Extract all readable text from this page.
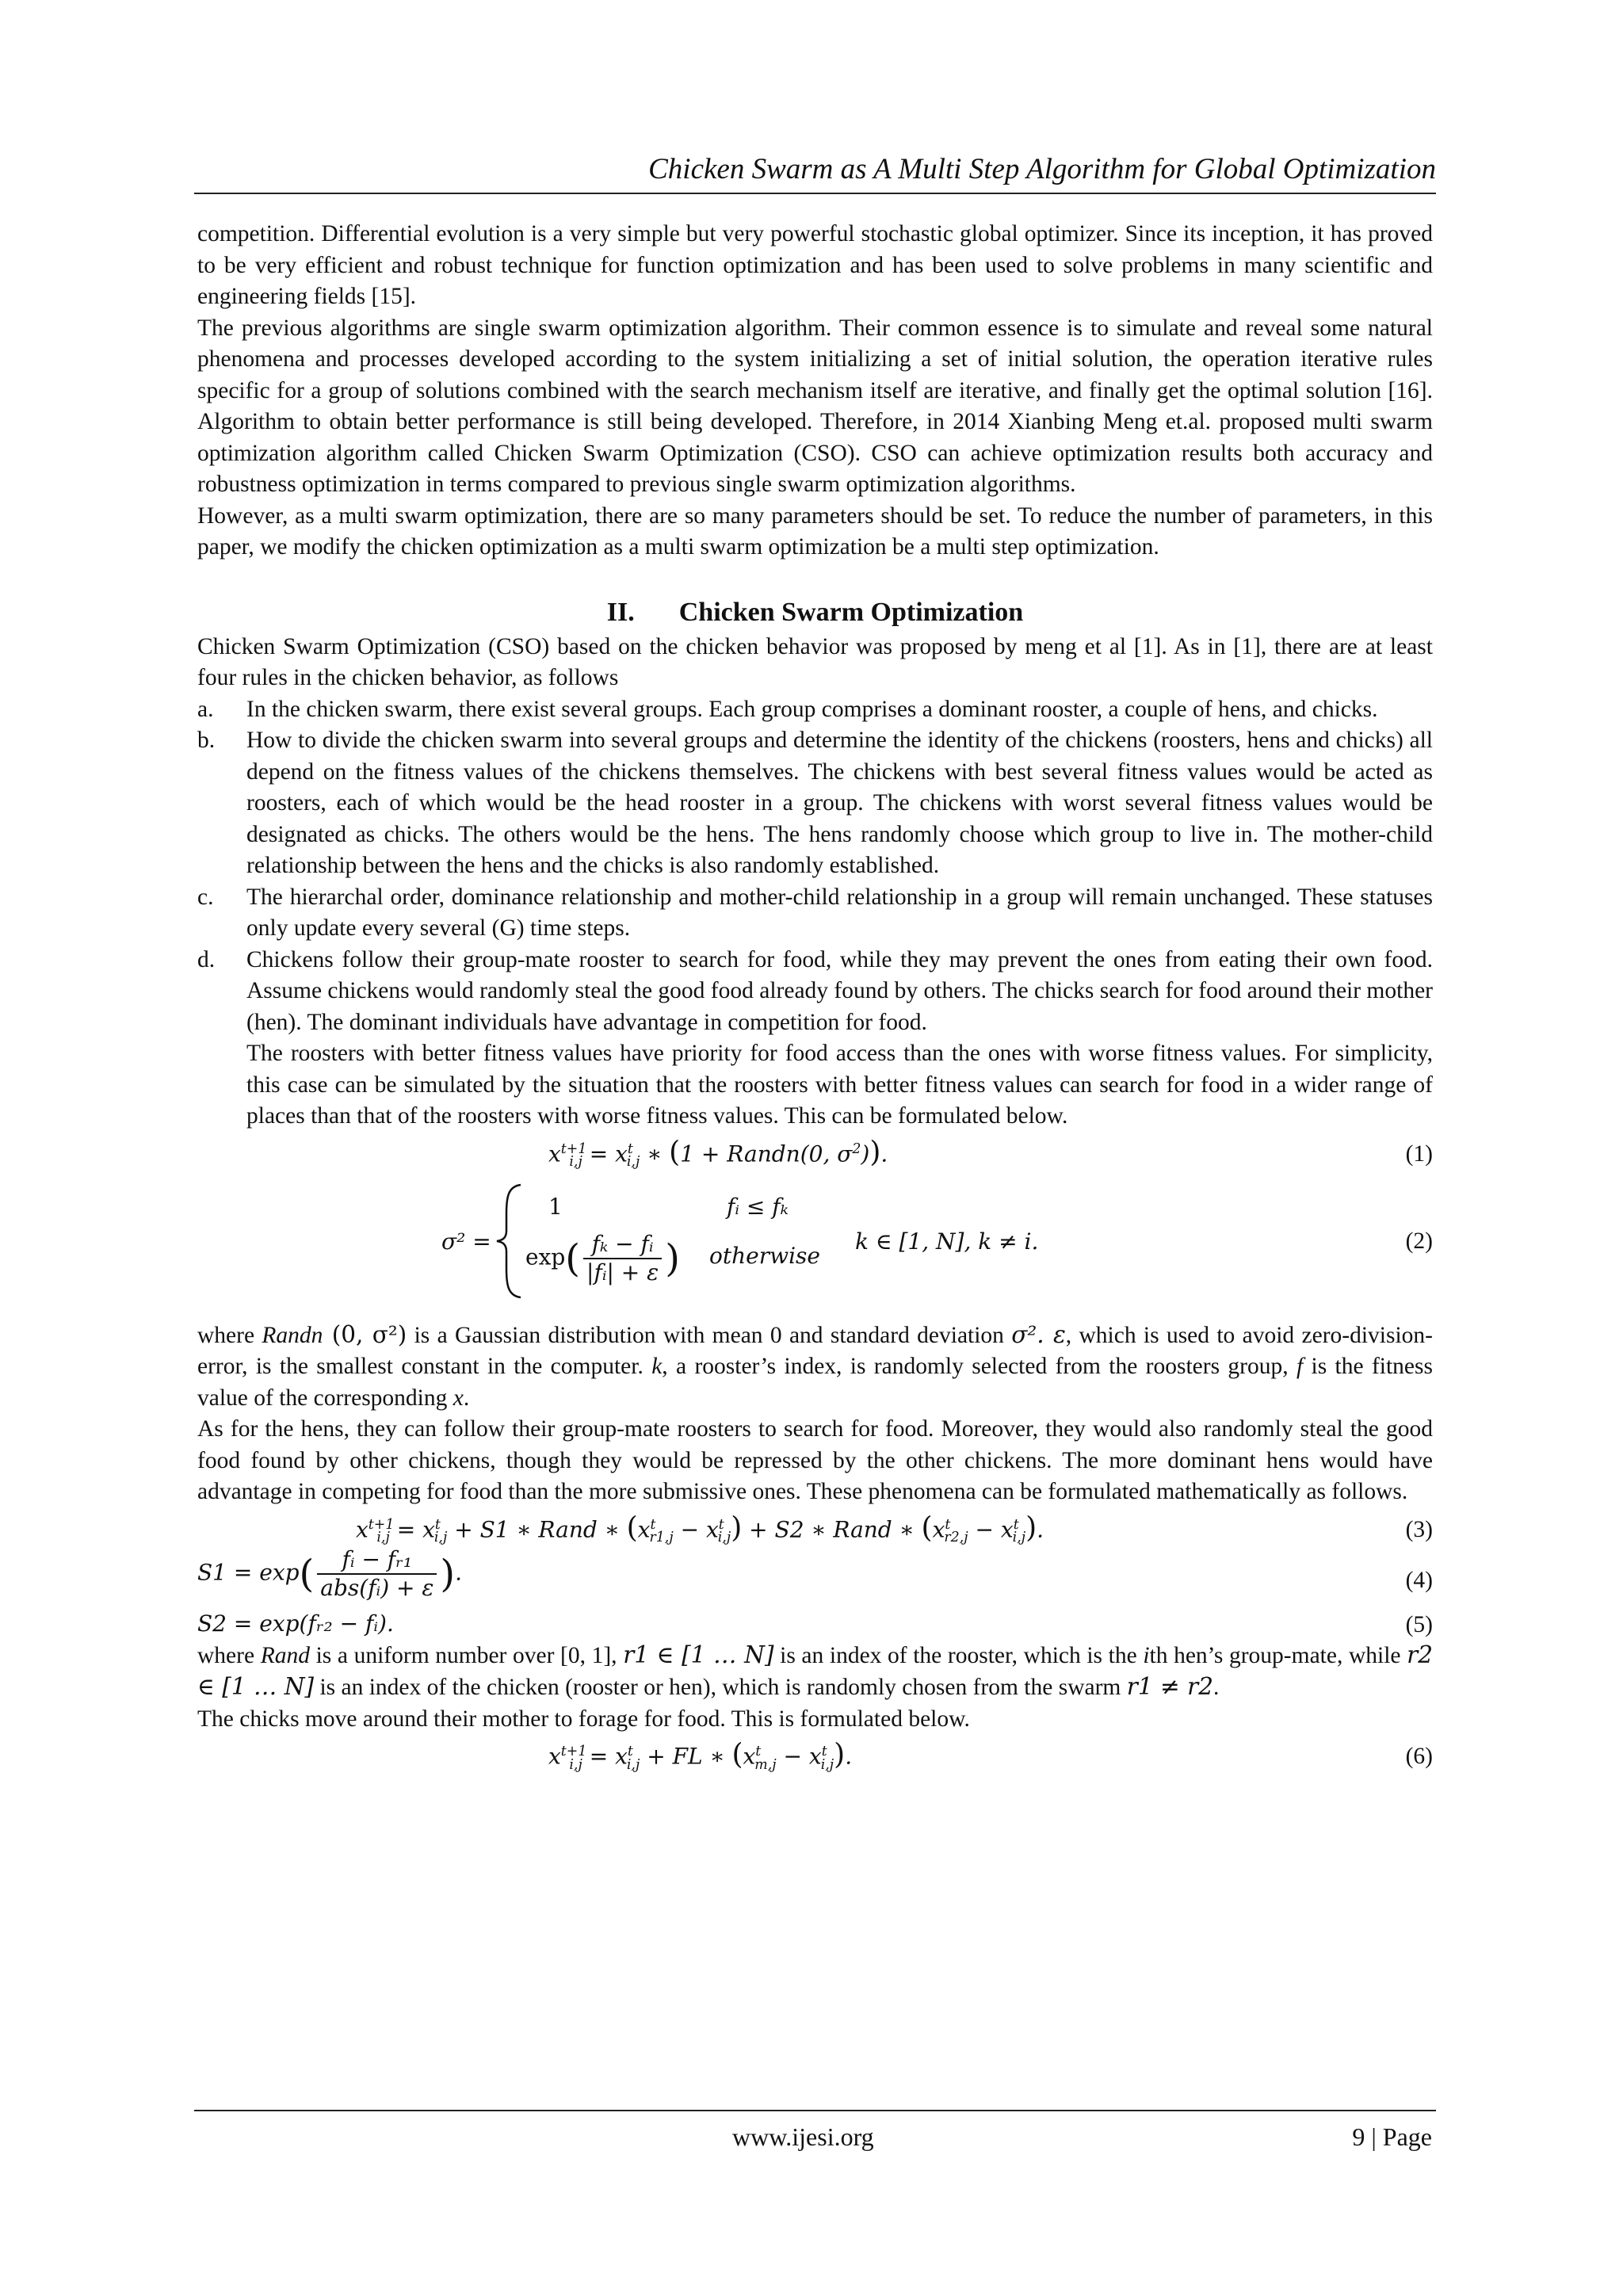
Chicken Swarm as A Multi Step Algorithm for Global Optimization

competition. Differential evolution is a very simple but very powerful stochastic global optimizer. Since its inception, it has proved to be very efficient and robust technique for function optimization and has been used to solve problems in many scientific and engineering fields [15].

The previous algorithms are single swarm optimization algorithm. Their common essence is to simulate and reveal some natural phenomena and processes developed according to the system initializing a set of initial solution, the operation iterative rules specific for a group of solutions combined with the search mechanism itself are iterative, and finally get the optimal solution [16]. Algorithm to obtain better performance is still being developed. Therefore, in 2014 Xianbing Meng et.al. proposed multi swarm optimization algorithm called Chicken Swarm Optimization (CSO). CSO can achieve optimization results both accuracy and robustness optimization in terms compared to previous single swarm optimization algorithms.

However, as a multi swarm optimization, there are so many parameters should be set. To reduce the number of parameters, in this paper, we modify the chicken optimization as a multi swarm optimization be a multi step optimization.

II. Chicken Swarm Optimization

Chicken Swarm Optimization (CSO) based on the chicken behavior was proposed by meng et al [1]. As in [1], there are at least four rules in the chicken behavior, as follows

a. In the chicken swarm, there exist several groups. Each group comprises a dominant rooster, a couple of hens, and chicks.
b. How to divide the chicken swarm into several groups and determine the identity of the chickens (roosters, hens and chicks) all depend on the fitness values of the chickens themselves. The chickens with best several fitness values would be acted as roosters, each of which would be the head rooster in a group. The chickens with worst several fitness values would be designated as chicks. The others would be the hens. The hens randomly choose which group to live in. The mother-child relationship between the hens and the chicks is also randomly established.
c. The hierarchal order, dominance relationship and mother-child relationship in a group will remain unchanged. These statuses only update every several (G) time steps.
d. Chickens follow their group-mate rooster to search for food, while they may prevent the ones from eating their own food. Assume chickens would randomly steal the good food already found by others. The chicks search for food around their mother (hen). The dominant individuals have advantage in competition for food.

The roosters with better fitness values have priority for food access than the ones with worse fitness values. For simplicity, this case can be simulated by the situation that the roosters with better fitness values can search for food in a wider range of places than that of the roosters with worse fitness values. This can be formulated below.

$x^{t+1}_{i,j} = x^t_{i,j}$ ∗ (1 + Randn(0, $\sigma^2$)).	(1)
σ² =
1	fᵢ ≤ fₖ
$\exp( \frac{\text{fₖ − fᵢ}}{\text{|fᵢ| + ε}}$ ) otherwise
k ∈ [1, N], k ≠ i.	(2)

where Randn (0, σ²) is a Gaussian distribution with mean 0 and standard deviation σ². ε, which is used to avoid zero-division-error, is the smallest constant in the computer. k, a rooster’s index, is randomly selected from the roosters group, f is the fitness value of the corresponding x.

As for the hens, they can follow their group-mate roosters to search for food. Moreover, they would also randomly steal the good food found by other chickens, though they would be repressed by the other chickens. The more dominant hens would have advantage in competing for food than the more submissive ones. These phenomena can be formulated mathematically as follows.

$x^{t+1}_{i,j} = x^t_{i,j} + S1$ ∗ Rand ∗ $(x^t_{r1,j} - x^t_{i,j}) + S2$ ∗ Rand ∗ $(x^t_{r2,j} - x^t_{i,j})$.	(3)
$S1 = \exp( \frac{\text{fᵢ − fᵣ₁}}{\text{abs(fᵢ) + ε}}$ ).	(4)
S2 = exp(fᵣ₂ − fᵢ).	(5)

where Rand is a uniform number over [0, 1], r1 ∈ [1 … N] is an index of the rooster, which is the ith hen’s group-mate, while r2 ∈ [1 … N] is an index of the chicken (rooster or hen), which is randomly chosen from the swarm r1 ≠ r2.

The chicks move around their mother to forage for food. This is formulated below.

$x^{t+1}_{i,j} = x^t_{i,j}$ + FL ∗ $(x^t_{m,j} - x^t_{i,j})$.	(6)
www.ijesi.org	9 | Page
